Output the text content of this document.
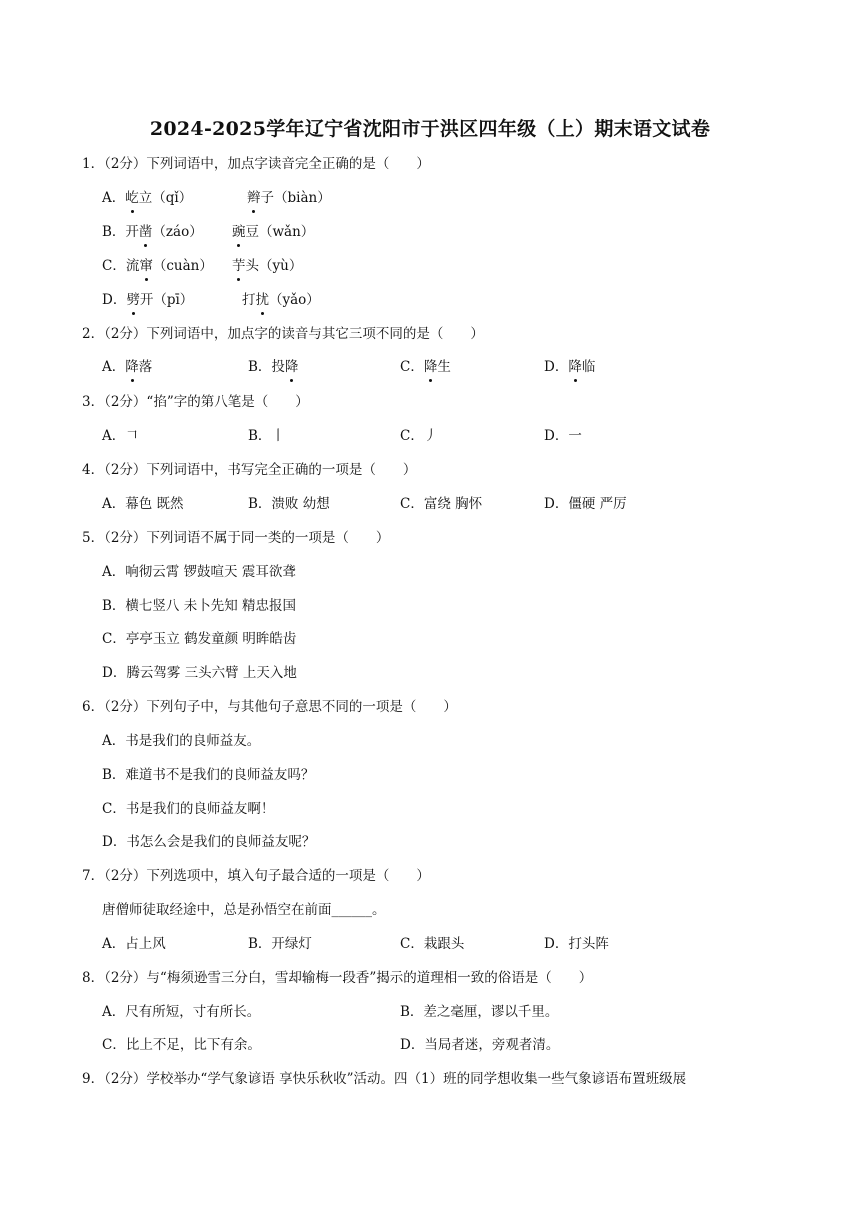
2024-2025学年辽宁省沈阳市于洪区四年级（上）期末语文试卷
1．（2分）下列词语中，加点字读音完全正确的是（　　）
A．屹立（qǐ）	辫子（biàn）
B．开凿（záo） 豌豆（wǎn）
C．流窜（cuàn） 芋头（yù）
D．劈开（pī）	打扰（yǎo）
2．（2分）下列词语中，加点字的读音与其它三项不同的是（　　）
A．降落	B．投降	C．降生	D．降临
3．（2分）“掐”字的第八笔是（　　）
A．𠃍	B．丨	C．丿	D．一
4．（2分）下列词语中，书写完全正确的一项是（　　）
A．幕色 既然	B．溃败 幼想	C．富绕 胸怀	D．僵硬 严厉
5．（2分）下列词语不属于同一类的一项是（　　）
A．响彻云霄 锣鼓喧天 震耳欲聋
B．横七竖八 未卜先知 精忠报国
C．亭亭玉立 鹤发童颜 明眸皓齿
D．腾云驾雾 三头六臂 上天入地
6．（2分）下列句子中，与其他句子意思不同的一项是（　　）
A．书是我们的良师益友。
B．难道书不是我们的良师益友吗？
C．书是我们的良师益友啊！
D．书怎么会是我们的良师益友呢？
7．（2分）下列选项中，填入句子最合适的一项是（　　）
唐僧师徒取经途中，总是孙悟空在前面______。
A．占上风	B．开绿灯	C．栽跟头	D．打头阵
8．（2分）与“梅须逊雪三分白，雪却输梅一段香”揭示的道理相一致的俗语是（　　）
A．尺有所短，寸有所长。	B．差之毫厘，谬以千里。
C．比上不足，比下有余。	D．当局者迷，旁观者清。
9．（2分）学校举办“学气象谚语 享快乐秋收”活动。四（1）班的同学想收集一些气象谚语布置班级展
